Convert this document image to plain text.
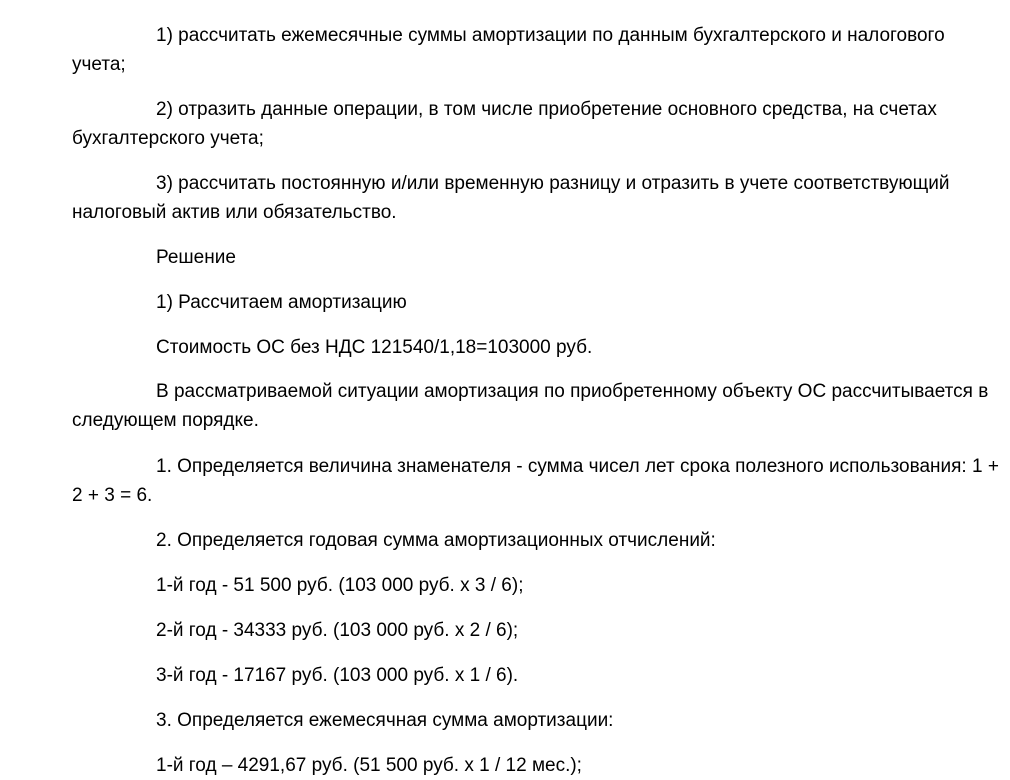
1) рассчитать ежемесячные суммы амортизации по данным бухгалтерского и налогового учета;

2) отразить данные операции, в том числе приобретение основного средства, на счетах бухгалтерского учета;

3) рассчитать постоянную и/или временную разницу и отразить в учете соответствующий налоговый актив или обязательство.

Решение

1) Рассчитаем амортизацию

Стоимость ОС без НДС 121540/1,18=103000 руб.

В рассматриваемой ситуации амортизация по приобретенному объекту ОС рассчитывается в следующем порядке.

1. Определяется величина знаменателя - сумма чисел лет срока полезного использования: 1 + 2 + 3 = 6.

2. Определяется годовая сумма амортизационных отчислений:

1-й год - 51 500 руб. (103 000 руб. x 3 / 6);

2-й год - 34333 руб. (103 000 руб. x 2 / 6);

3-й год - 17167 руб. (103 000 руб. x 1 / 6).

3. Определяется ежемесячная сумма амортизации:

1-й год – 4291,67 руб. (51 500 руб. x 1 / 12 мес.);
